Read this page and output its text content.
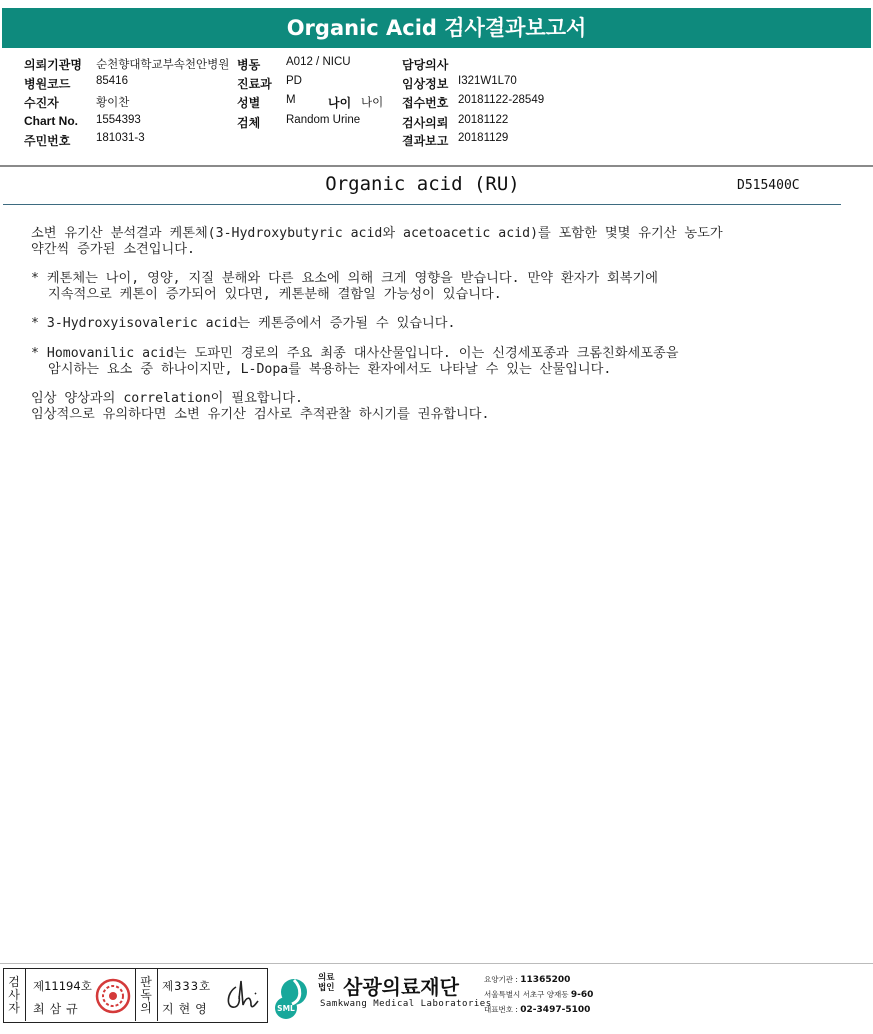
Organic Acid 검사결과보고서
의뢰기관명 순천향대학교부속천안병원 병동 A012 / NICU	담당의사
병원코드 85416	진료과 PD	임상정보 I321W1L70
수진자	황이찬	성별 M	나이 나이 접수번호 20181122-28549
Chart No. 1554393	검체 Random Urine	검사의뢰 20181122
주민번호 181031-3	결과보고 20181129
Organic acid (RU)	D515400C
소변 유기산 분석결과 케톤체(3-Hydroxybutyric acid와 acetoacetic acid)를 포함한 몇몇 유기산 농도가
약간씩 증가된 소견입니다.
* 케톤체는 나이, 영양, 지질 분해와 다른 요소에 의해 크게 영향을 받습니다. 만약 환자가 회복기에
지속적으로 케톤이 증가되어 있다면, 케톤분해 결함일 가능성이 있습니다.
* 3-Hydroxyisovaleric acid는 케톤증에서 증가될 수 있습니다.
* Homovanilic acid는 도파민 경로의 주요 최종 대사산물입니다. 이는 신경세포종과 크롬친화세포종을
암시하는 요소 중 하나이지만, L-Dopa를 복용하는 환자에서도 나타날 수 있는 산물입니다.
임상 양상과의 correlation이 필요합니다.
임상적으로 유의하다면 소변 유기산 검사로 추적관찰 하시기를 권유합니다.
검
사
자
제11194호
최삼규
판
독
의
제333호
지현영	SML
의료
법인 삼광의료재단
Samkwang Medical Laboratories
요양기관 : 11365200
서울특별시 서초구 양재동 9-60
대표번호 : 02-3497-5100
